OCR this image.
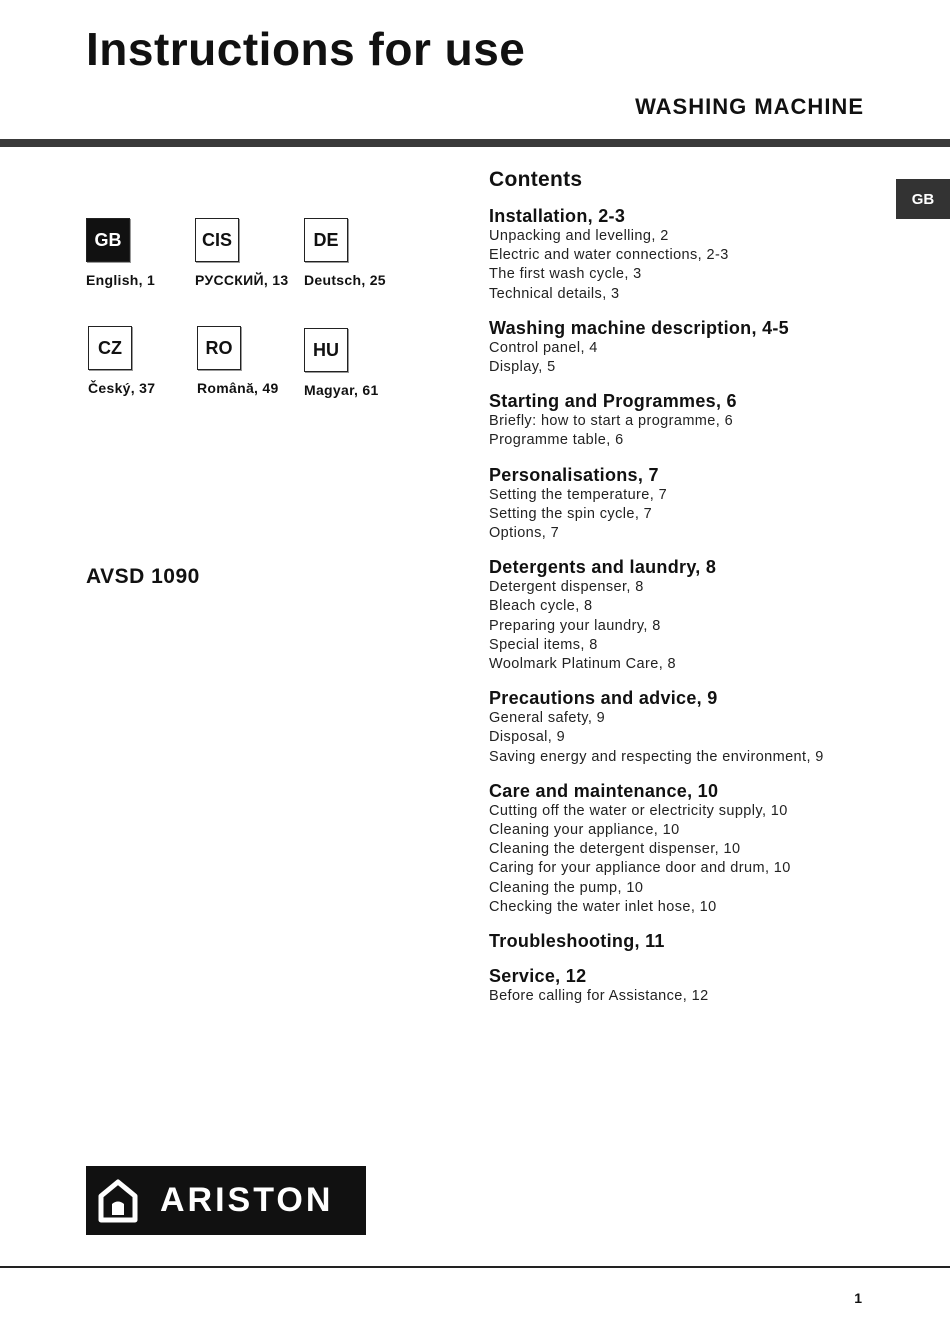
Instructions for use
WASHING MACHINE
GB
GB
English, 1
CIS
РУССКИЙ, 13
DE
Deutsch, 25
CZ
Český, 37
RO
Română, 49
HU
Magyar, 61
AVSD 1090
Contents
Installation, 2-3
Unpacking and levelling, 2
Electric and water connections, 2-3
The first wash cycle, 3
Technical details, 3
Washing machine description, 4-5
Control panel, 4
Display, 5
Starting and Programmes, 6
Briefly: how to start a programme, 6
Programme table, 6
Personalisations, 7
Setting the temperature, 7
Setting the spin cycle, 7
Options, 7
Detergents and laundry, 8
Detergent dispenser, 8
Bleach cycle, 8
Preparing your laundry, 8
Special items, 8
Woolmark Platinum Care, 8
Precautions and advice, 9
General safety, 9
Disposal, 9
Saving energy and respecting the environment, 9
Care and maintenance, 10
Cutting off the water or electricity supply, 10
Cleaning your appliance, 10
Cleaning the detergent dispenser, 10
Caring for your appliance door and drum, 10
Cleaning the pump, 10
Checking the water inlet hose, 10
Troubleshooting, 11
Service, 12
Before calling for Assistance, 12
ARISTON
1
